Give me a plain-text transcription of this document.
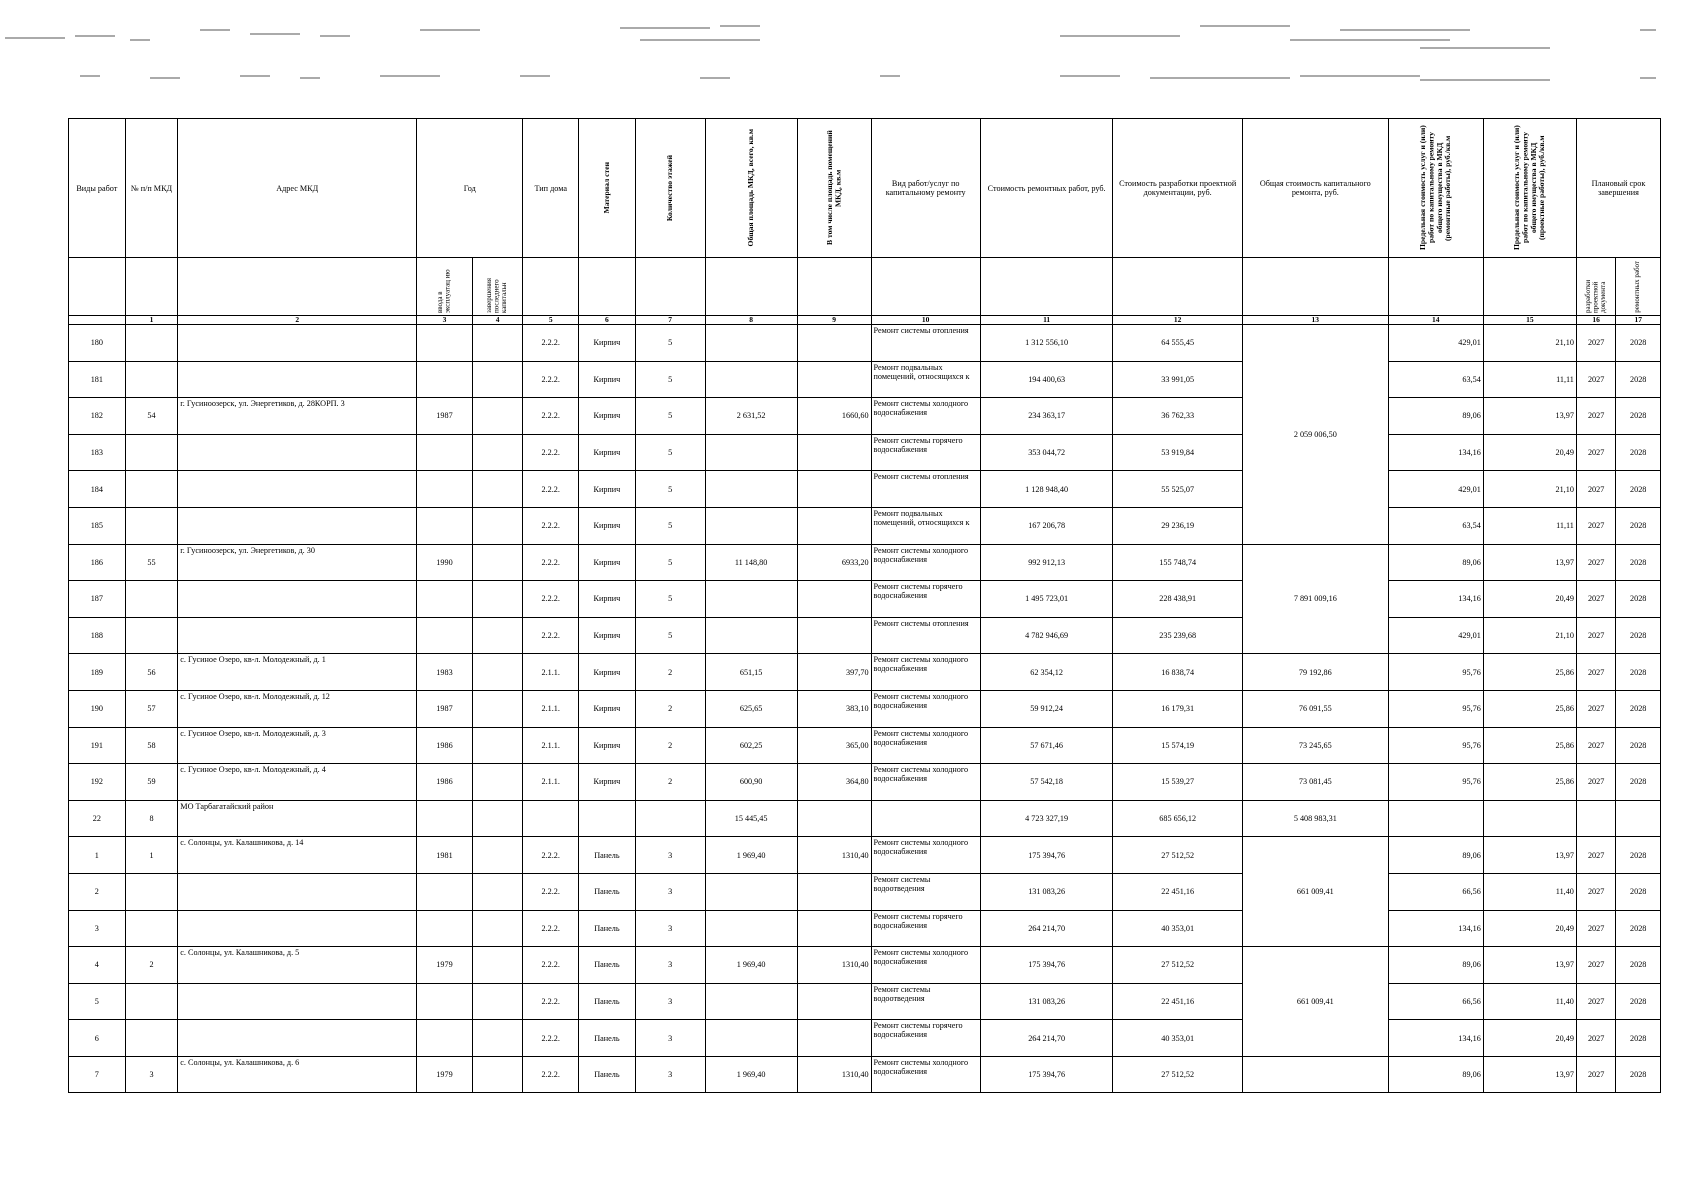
Виды работ	№ п/п МКД	Адрес МКД	Год		Тип дома	Материал стен	Количество этажей	Общая площадь МКД, всего, кв.м	В том числе площадь помещений МКД, кв.м	Вид работ/услуг по капитальному ремонту	Стоимость ремонтных работ, руб.	Стоимость разработки проектной документации, руб.	Общая стоимость капитального ремонта, руб.	Предельная стоимость услуг и (или) работ по капитальному ремонту общего имущества в МКД (ремонтные работы), руб./кв.м	Предельная стоимость услуг и (или) работ по капитальному ремонту общего имущества в МКД (проектные работы), руб./кв.м	Плановый срок завершения	

			ввода в эксплуатац ию	завершения последнего капитальн												разработки проектной документа	ремонтных работ

	1	2	3	4	5	6	7	8	9	10	11	12	13	14	15	16	17
180					2.2.2.	Кирпич	5			Ремонт системы отопления	1 312 556,10	64 555,45	2 059 006,50	429,01	21,10	2027	2028
181					2.2.2.	Кирпич	5			Ремонт подвальных помещений, относящихся к	194 400,63	33 991,05		63,54	11,11	2027	2028
182	54	г. Гусиноозерск, ул. Энергетиков, д. 28КОРП. 3	1987		2.2.2.	Кирпич	5	2 631,52	1660,60	Ремонт системы холодного водоснабжения	234 363,17	36 762,33		89,06	13,97	2027	2028
183					2.2.2.	Кирпич	5			Ремонт системы горячего водоснабжения	353 044,72	53 919,84		134,16	20,49	2027	2028
184					2.2.2.	Кирпич	5			Ремонт системы отопления	1 128 948,40	55 525,07		429,01	21,10	2027	2028
185					2.2.2.	Кирпич	5			Ремонт подвальных помещений, относящихся к	167 206,78	29 236,19		63,54	11,11	2027	2028
186	55	г. Гусиноозерск, ул. Энергетиков, д. 30	1990		2.2.2.	Кирпич	5	11 148,80	6933,20	Ремонт системы холодного водоснабжения	992 912,13	155 748,74	7 891 009,16	89,06	13,97	2027	2028
187					2.2.2.	Кирпич	5			Ремонт системы горячего водоснабжения	1 495 723,01	228 438,91		134,16	20,49	2027	2028
188					2.2.2.	Кирпич	5			Ремонт системы отопления	4 782 946,69	235 239,68		429,01	21,10	2027	2028
189	56	с. Гусиное Озеро, кв-л. Молодежный, д. 1	1983		2.1.1.	Кирпич	2	651,15	397,70	Ремонт системы холодного водоснабжения	62 354,12	16 838,74	79 192,86	95,76	25,86	2027	2028
190	57	с. Гусиное Озеро, кв-л. Молодежный, д. 12	1987		2.1.1.	Кирпич	2	625,65	383,10	Ремонт системы холодного водоснабжения	59 912,24	16 179,31	76 091,55	95,76	25,86	2027	2028
191	58	с. Гусиное Озеро, кв-л. Молодежный, д. 3	1986		2.1.1.	Кирпич	2	602,25	365,00	Ремонт системы холодного водоснабжения	57 671,46	15 574,19	73 245,65	95,76	25,86	2027	2028
192	59	с. Гусиное Озеро, кв-л. Молодежный, д. 4	1986		2.1.1.	Кирпич	2	600,90	364,80	Ремонт системы холодного водоснабжения	57 542,18	15 539,27	73 081,45	95,76	25,86	2027	2028
22	8	МО Тарбагатайский район						15 445,45			4 723 327,19	685 656,12	5 408 983,31				
1	1	с. Солонцы, ул. Калашникова, д. 14	1981		2.2.2.	Панель	3	1 969,40	1310,40	Ремонт системы холодного водоснабжения	175 394,76	27 512,52	661 009,41	89,06	13,97	2027	2028
2					2.2.2.	Панель	3			Ремонт системы водоотведения	131 083,26	22 451,16		66,56	11,40	2027	2028
3					2.2.2.	Панель	3			Ремонт системы горячего водоснабжения	264 214,70	40 353,01		134,16	20,49	2027	2028
4	2	с. Солонцы, ул. Калашникова, д. 5	1979		2.2.2.	Панель	3	1 969,40	1310,40	Ремонт системы холодного водоснабжения	175 394,76	27 512,52	661 009,41	89,06	13,97	2027	2028
5					2.2.2.	Панель	3			Ремонт системы водоотведения	131 083,26	22 451,16		66,56	11,40	2027	2028
6					2.2.2.	Панель	3			Ремонт системы горячего водоснабжения	264 214,70	40 353,01		134,16	20,49	2027	2028
7	3	с. Солонцы, ул. Калашникова, д. 6	1979		2.2.2.	Панель	3	1 969,40	1310,40	Ремонт системы холодного водоснабжения	175 394,76	27 512,52		89,06	13,97	2027	2028
